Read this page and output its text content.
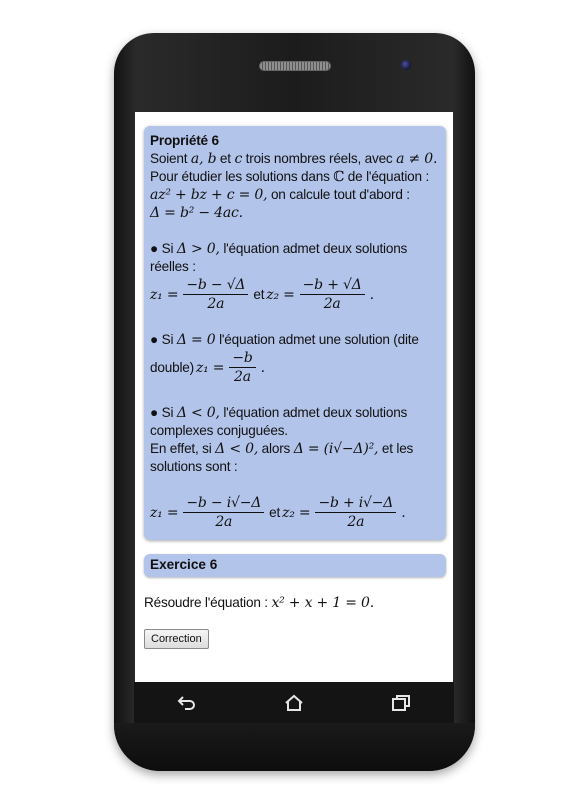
Propriété 6

Soient a, b et c trois nombres réels, avec a ≠ 0.

Pour étudier les solutions dans ℂ de l'équation :

az² + bz + c = 0, on calcule tout d'abord :

Δ = b² − 4ac.

● Si Δ > 0, l'équation admet deux solutions réelles :

$z_1 = \frac{-b - √\Delta}{2a}$ et $z_2 = \frac{-b + √\Delta}{2a}$ .

● Si Δ = 0 l'équation admet une solution (dite

double) $z_1 = \frac{-b}{2a}$ .

● Si Δ < 0, l'équation admet deux solutions

complexes conjuguées.

En effet, si Δ < 0, alors Δ = (i√−Δ)², et les

solutions sont :

$z_1 = \frac{-b - i√-\Delta}{2a}$ et $z_2 = \frac{-b + i√-\Delta}{2a}$ .
Exercice 6
Résoudre l'équation : x² + x + 1 = 0.
Correction
